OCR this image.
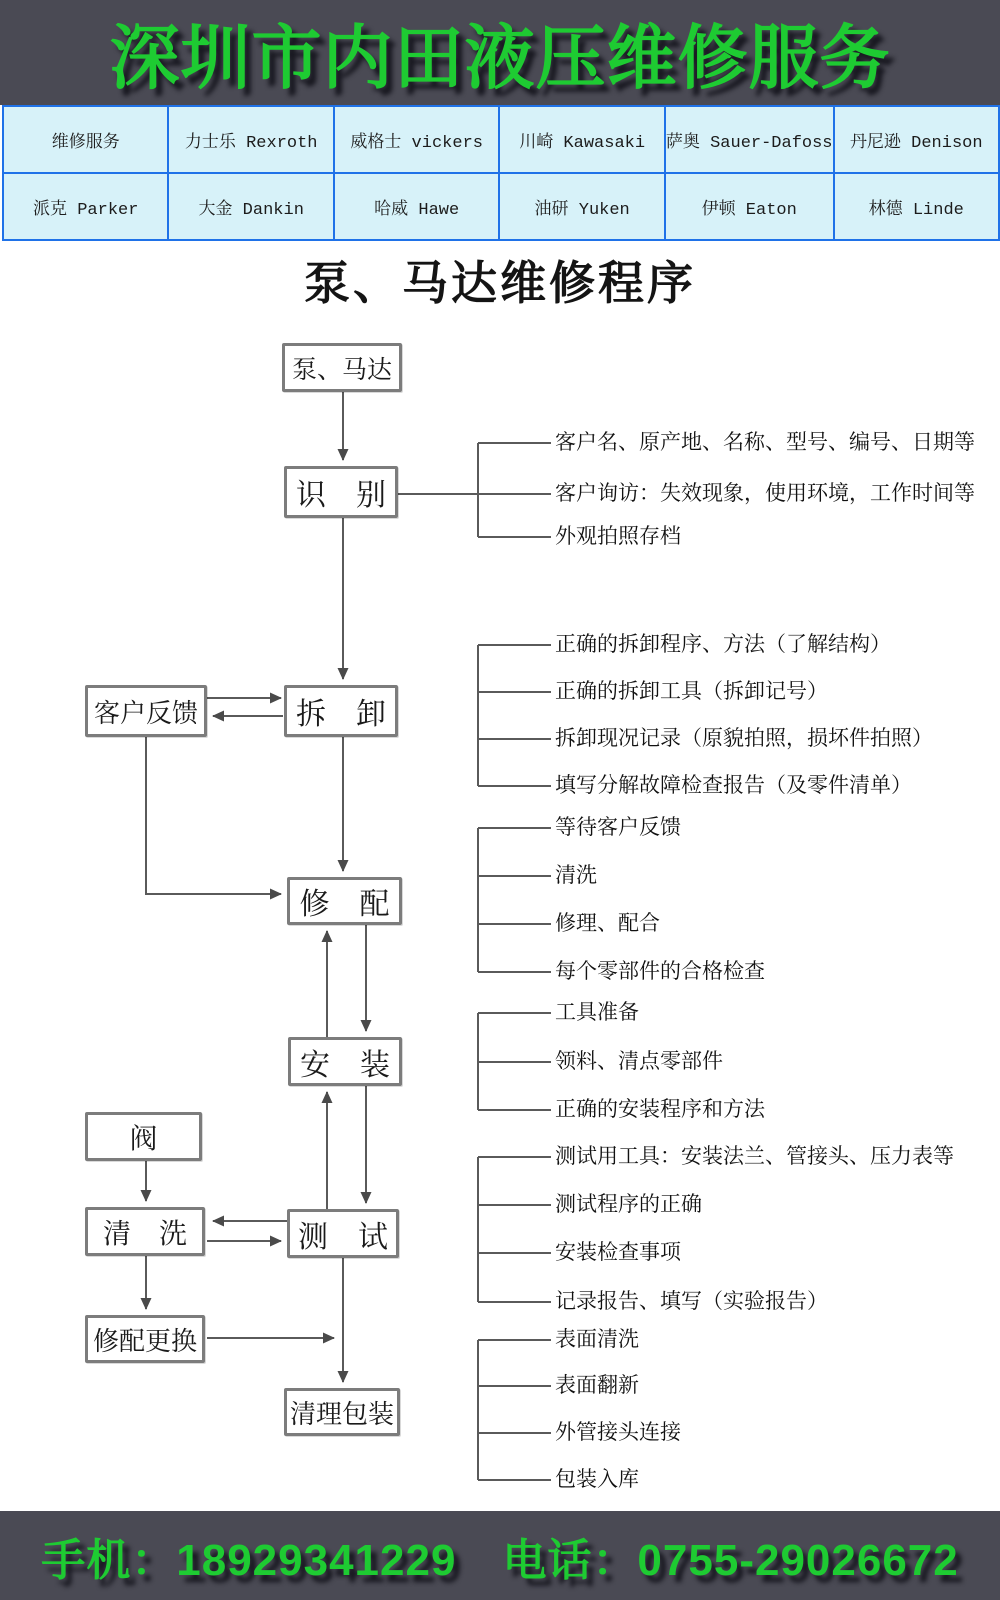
深圳市内田液压维修服务
维修服务	力士乐 Rexroth	威格士 vickers	川崎 Kawasaki	萨奥 Sauer-Dafoss	丹尼逊 Denison
派克 Parker	大金 Dankin	哈威 Hawe	油研 Yuken	伊顿 Eaton	林德 Linde
泵、马达维修程序
泵、马达
识　别
客户反馈	拆　卸
修　配
安　装
阀
清　洗	测　试
修配更换
清理包装
客户名、原产地、名称、型号、编号、日期等
客户询访：失效现象，使用环境，工作时间等
外观拍照存档
正确的拆卸程序、方法（了解结构）
正确的拆卸工具（拆卸记号）
拆卸现况记录（原貌拍照，损坏件拍照）
填写分解故障检查报告（及零件清单）
等待客户反馈
清洗
修理、配合
每个零部件的合格检查
工具准备
领料、清点零部件
正确的安装程序和方法
测试用工具：安装法兰、管接头、压力表等
测试程序的正确
安装检查事项
记录报告、填写（实验报告）
表面清洗
表面翻新
外管接头连接
包装入库
手机：18929341229 电话：0755-29026672
